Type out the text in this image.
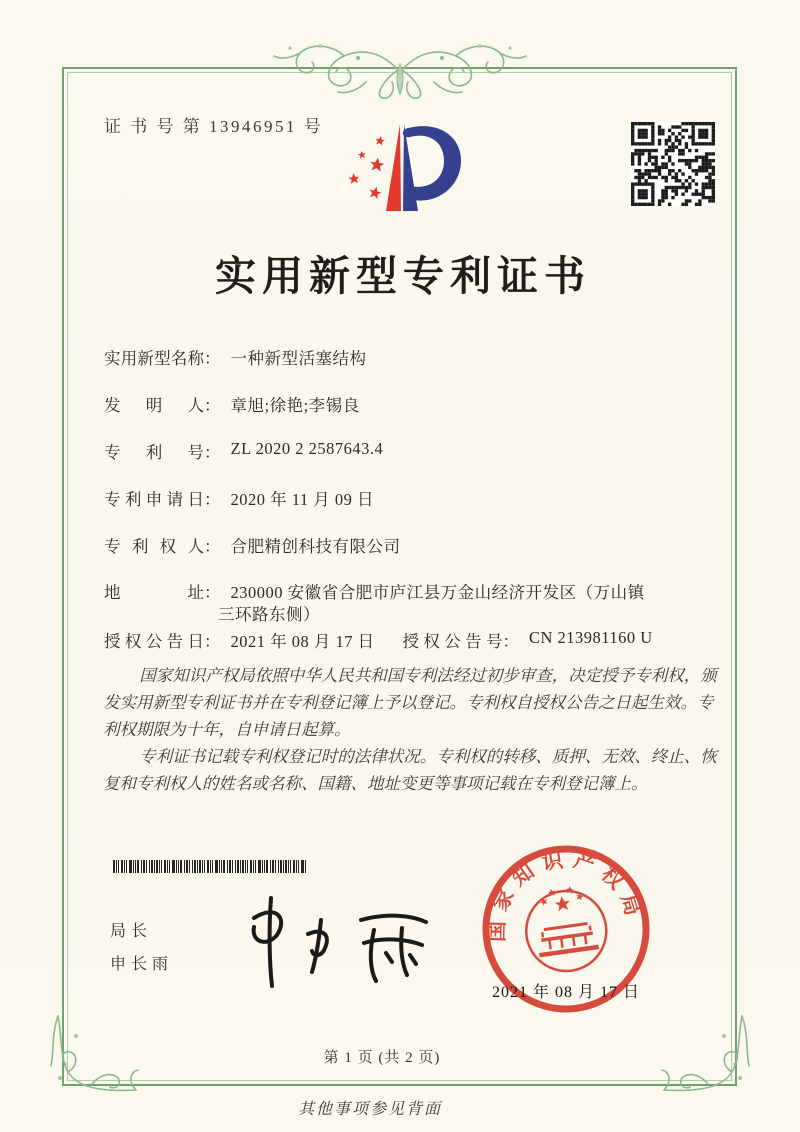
证 书 号 第 13946951 号
实用新型专利证书
实用新型名称： 一种新型活塞结构
发明人： 章旭;徐艳;李锡良
专利号： ZL 2020 2 2587643.4
专利申请日： 2020 年 11 月 09 日
专利权人： 合肥精创科技有限公司
地址： 230000 安徽省合肥市庐江县万金山经济开发区（万山镇
三环路东侧）
授权公告日： 2021 年 08 月 17 日 授权公告号： CN 213981160 U

国家知识产权局依照中华人民共和国专利法经过初步审查，决定授予专利权，颁发实用新型专利证书并在专利登记簿上予以登记。专利权自授权公告之日起生效。专利权期限为十年，自申请日起算。

专利证书记载专利权登记时的法律状况。专利权的转移、质押、无效、终止、恢复和专利权人的姓名或名称、国籍、地址变更等事项记载在专利登记簿上。

局长
申长雨
国家知识产权局
2021 年 08 月 17 日
第 1 页 (共 2 页)
其他事项参见背面
